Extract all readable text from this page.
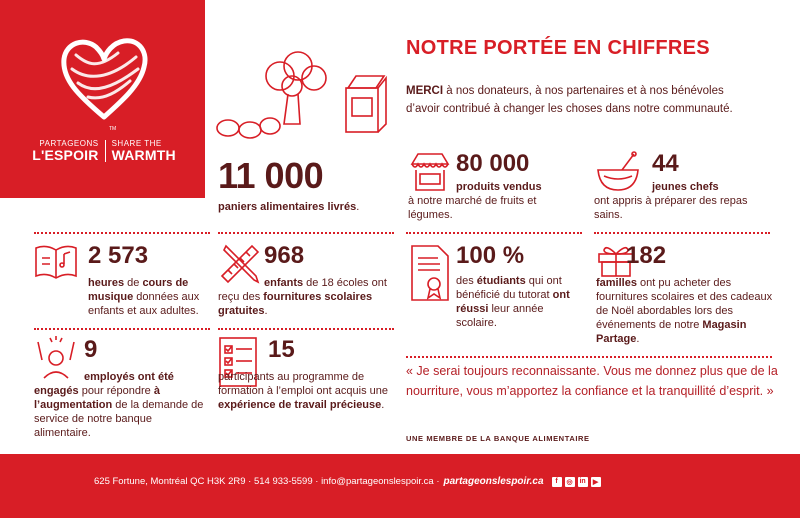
TM
PARTAGEONS
L'ESPOIR
SHARE THE
WARMTH
NOTRE PORTÉE EN CHIFFRES
MERCI à nos donateurs, à nos partenaires et à nos bénévoles d’avoir contribué à changer les choses dans notre communauté.
11 000
paniers alimentaires livrés.
80 000
produits vendus
à notre marché de fruits et légumes.
44
jeunes chefs
ont appris à préparer des repas sains.
2 573
heures de cours de musique données aux enfants et aux adultes.
968
enfants de 18 écoles ont reçu des fournitures scolaires gratuites.
100 %
des étudiants qui ont bénéficié du tutorat ont réussi leur année scolaire.
182
familles ont pu acheter des fournitures scolaires et des cadeaux de Noël abordables lors des événements de notre Magasin Partage.
9
employés ont été engagés pour répondre à l’augmentation de la demande de service de notre banque alimentaire.
15
participants au programme de formation à l’emploi ont acquis une expérience de travail précieuse.
« Je serai toujours reconnaissante. Vous me donnez plus que de la nourriture, vous m’apportez la confiance et la tranquillité d’esprit. »
UNE MEMBRE DE LA BANQUE ALIMENTAIRE
625 Fortune, Montréal QC H3K 2R9 · 514 933-5599 · info@partageonslespoir.ca · partageonslespoir.ca	f	◎ in	▶
